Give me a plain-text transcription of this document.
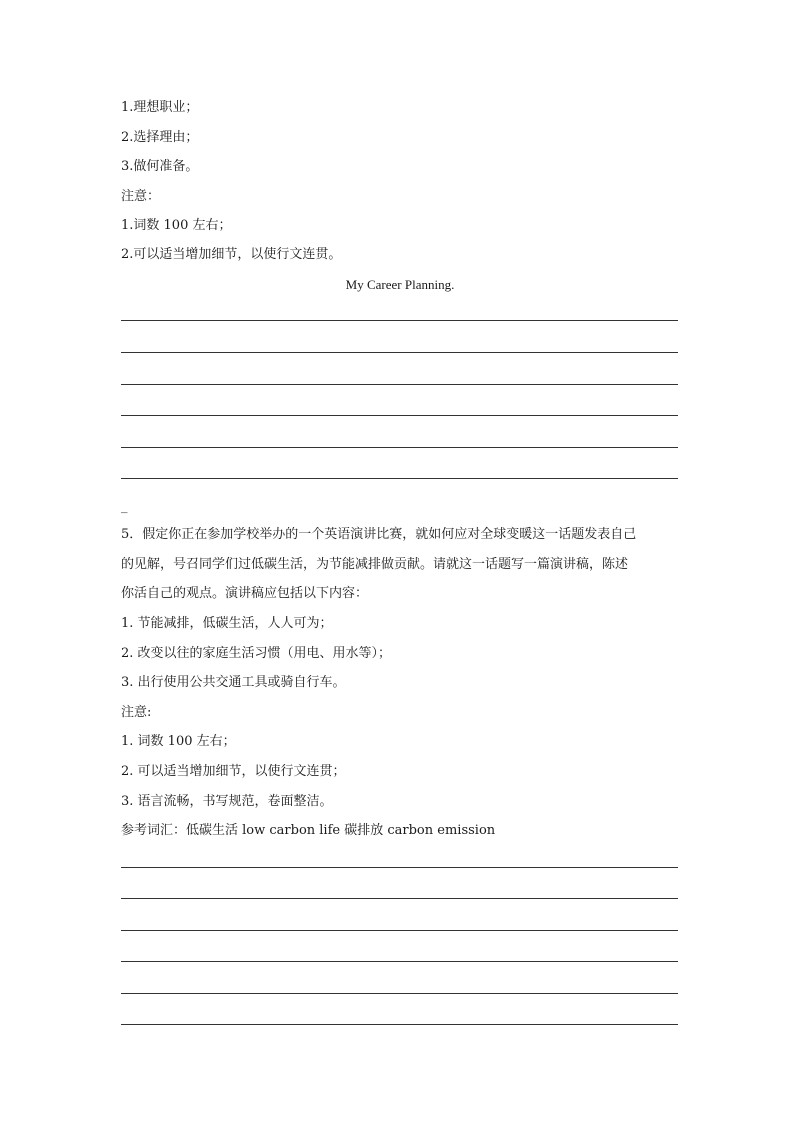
1.理想职业；
2.选择理由；
3.做何准备。
注意：
1.词数 100 左右；
2.可以适当增加细节，以使行文连贯。
My Career Planning.
_
5．假定你正在参加学校举办的一个英语演讲比赛，就如何应对全球变暖这一话题发表自己
的见解，号召同学们过低碳生活，为节能减排做贡献。请就这一话题写一篇演讲稿，陈述
你活自己的观点。演讲稿应包括以下内容：
1. 节能减排，低碳生活，人人可为；
2. 改变以往的家庭生活习惯（用电、用水等）；
3. 出行使用公共交通工具或骑自行车。
注意:
1. 词数 100 左右；
2. 可以适当增加细节，以使行文连贯；
3. 语言流畅，书写规范，卷面整洁。
参考词汇：低碳生活 low carbon life 碳排放 carbon emission
